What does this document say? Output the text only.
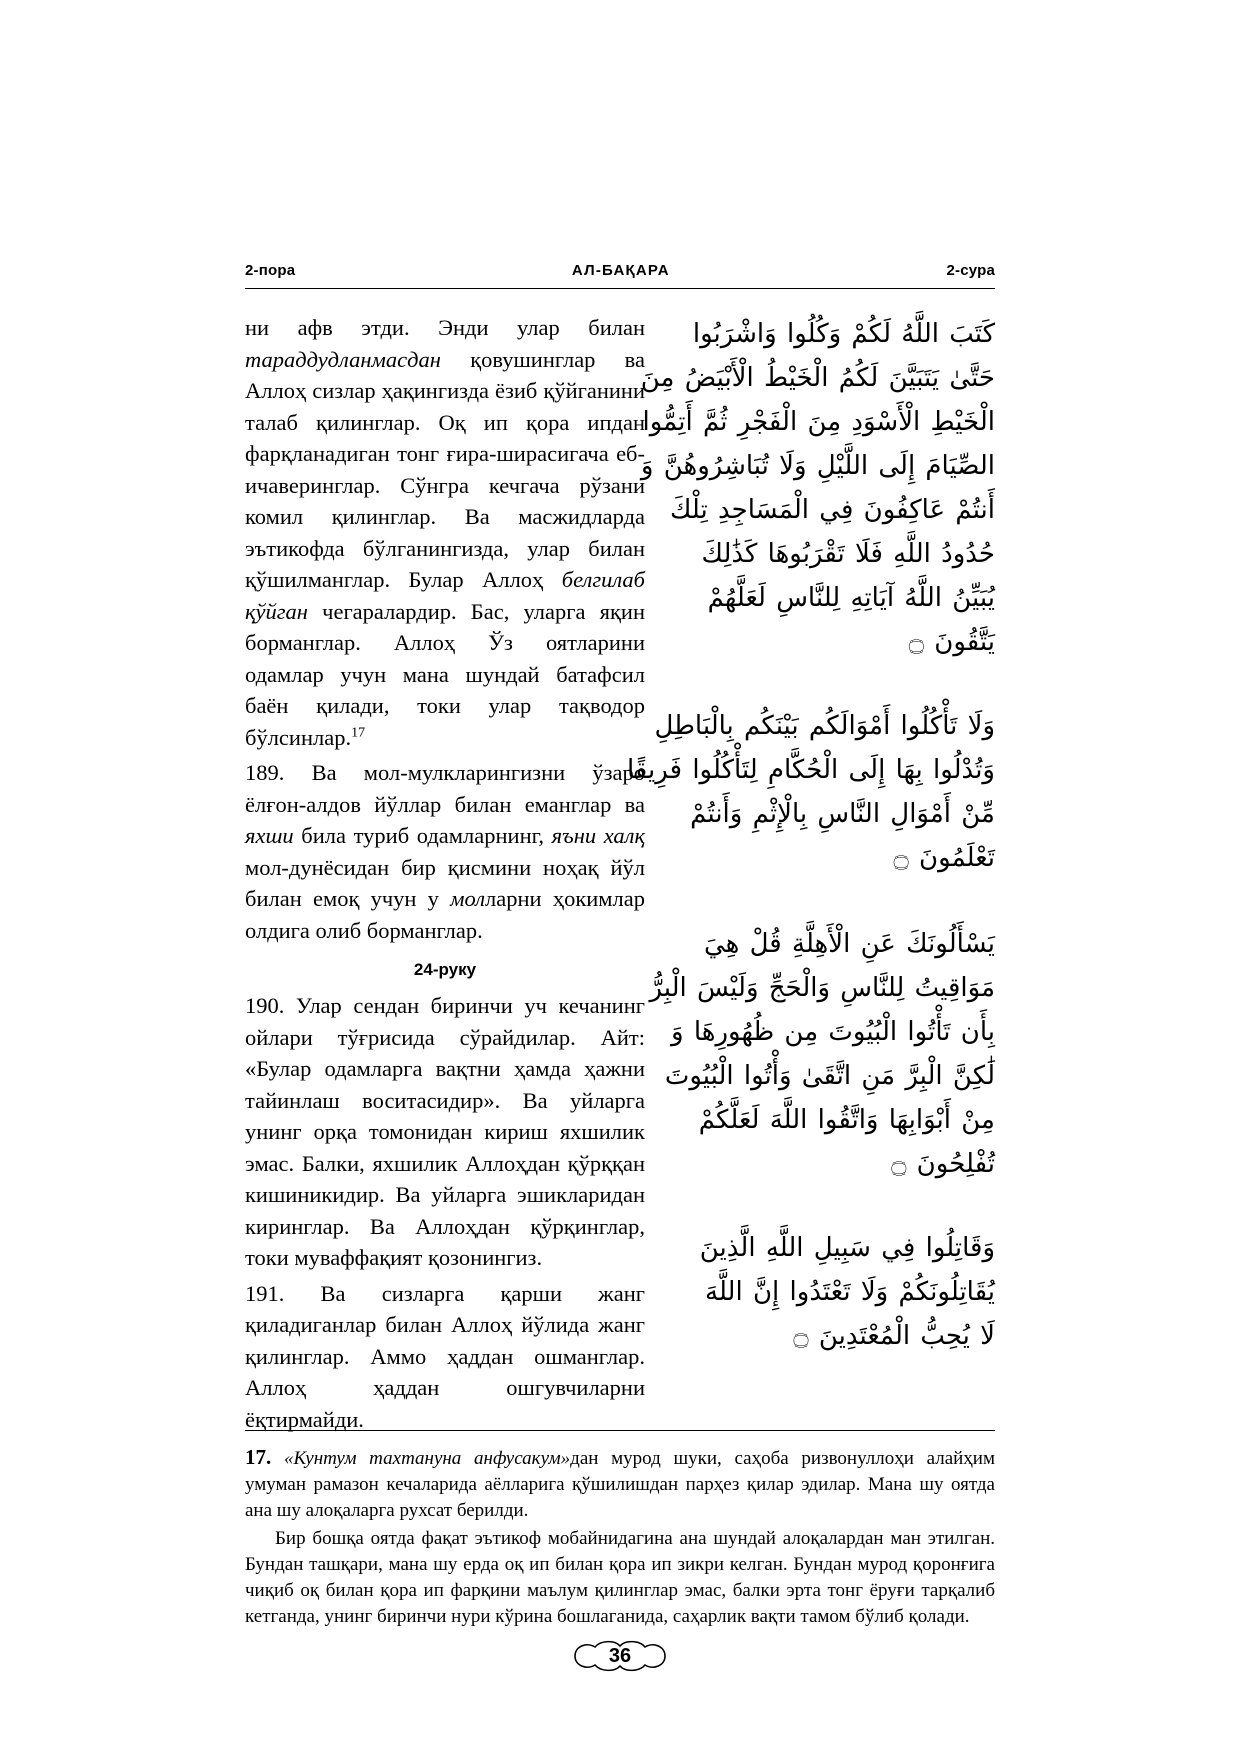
2-пора	АЛ-БАҚАРА	2-сура

ни афв этди. Энди улар билан тараддудланмасдан қовушинглар ва Аллоҳ сизлар ҳақингизда ёзиб қўйганини талаб қилинглар. Оқ ип қора ипдан фарқланадиган тонг ғира-ширасигача еб-ичаверинглар. Сўнгра кечгача рўзани комил қилинглар. Ва масжидларда эътикофда бўлганингизда, улар билан қўшилманглар. Булар Аллоҳ белгилаб қўйган чегаралардир. Бас, уларга яқин борманглар. Аллоҳ Ўз оятларини одамлар учун мана шундай батафсил баён қилади, токи улар тақводор бўлсинлар.$^{17}$

189. Ва мол-мулкларингизни ўзаро ёлғон-алдов йўллар билан еманглар ва яхши била туриб одамларнинг, яъни халқ мол-дунёсидан бир қисмини ноҳақ йўл билан емоқ учун у молларни ҳокимлар олдига олиб борманглар.

24-руку

190. Улар сендан биринчи уч кечанинг ойлари тўғрисида сўрайдилар. Айт: «Булар одамларга вақтни ҳамда ҳажни тайинлаш воситасидир». Ва уйларга унинг орқа томонидан кириш яхшилик эмас. Балки, яхшилик Аллоҳдан қўрққан кишиникидир. Ва уйларга эшикларидан киринглар. Ва Аллоҳдан қўрқинглар, токи муваффақият қозонингиз.

191. Ва сизларга қарши жанг қиладиганлар билан Аллоҳ йўлида жанг қилинглар. Аммо ҳаддан ошманглар. Аллоҳ ҳаддан ошгувчиларни ёқтирмайди.

كَتَبَ اللَّهُ لَكُمْ وَكُلُوا وَاشْرَبُوا
حَتَّىٰ يَتَبَيَّنَ لَكُمُ الْخَيْطُ الْأَبْيَضُ مِنَ
الْخَيْطِ الْأَسْوَدِ مِنَ الْفَجْرِ ثُمَّ أَتِمُّوا
الصِّيَامَ إِلَى اللَّيْلِ وَلَا تُبَاشِرُوهُنَّ وَ
أَنتُمْ عَاكِفُونَ فِي الْمَسَاجِدِ تِلْكَ
حُدُودُ اللَّهِ فَلَا تَقْرَبُوهَا كَذَٰلِكَ
يُبَيِّنُ اللَّهُ آيَاتِهِ لِلنَّاسِ لَعَلَّهُمْ
يَتَّقُونَ ۝
وَلَا تَأْكُلُوا أَمْوَالَكُم بَيْنَكُم بِالْبَاطِلِ
وَتُدْلُوا بِهَا إِلَى الْحُكَّامِ لِتَأْكُلُوا فَرِيقًا
مِّنْ أَمْوَالِ النَّاسِ بِالْإِثْمِ وَأَنتُمْ
تَعْلَمُونَ ۝
يَسْأَلُونَكَ عَنِ الْأَهِلَّةِ قُلْ هِيَ
مَوَاقِيتُ لِلنَّاسِ وَالْحَجِّ وَلَيْسَ الْبِرُّ
بِأَن تَأْتُوا الْبُيُوتَ مِن ظُهُورِهَا وَ
لَٰكِنَّ الْبِرَّ مَنِ اتَّقَىٰ وَأْتُوا الْبُيُوتَ
مِنْ أَبْوَابِهَا وَاتَّقُوا اللَّهَ لَعَلَّكُمْ
تُفْلِحُونَ ۝
وَقَاتِلُوا فِي سَبِيلِ اللَّهِ الَّذِينَ
يُقَاتِلُونَكُمْ وَلَا تَعْتَدُوا إِنَّ اللَّهَ
لَا يُحِبُّ الْمُعْتَدِينَ ۝

17. «Кунтум тахтануна анфусакум»дан мурод шуки, саҳоба ризвонуллоҳи алайҳим умуман рамазон кечаларида аёлларига қўшилишдан парҳез қилар эдилар. Мана шу оятда ана шу алоқаларга рухсат берилди.

Бир бошқа оятда фақат эътикоф мобайнидагина ана шундай алоқалардан ман этилган. Бундан ташқари, мана шу ерда оқ ип билан қора ип зикри келган. Бундан мурод қоронғига чиқиб оқ билан қора ип фарқини маълум қилинглар эмас, балки эрта тонг ёруғи тарқалиб кетганда, унинг биринчи нури кўрина бошлаганида, саҳарлик вақти тамом бўлиб қолади.

36
